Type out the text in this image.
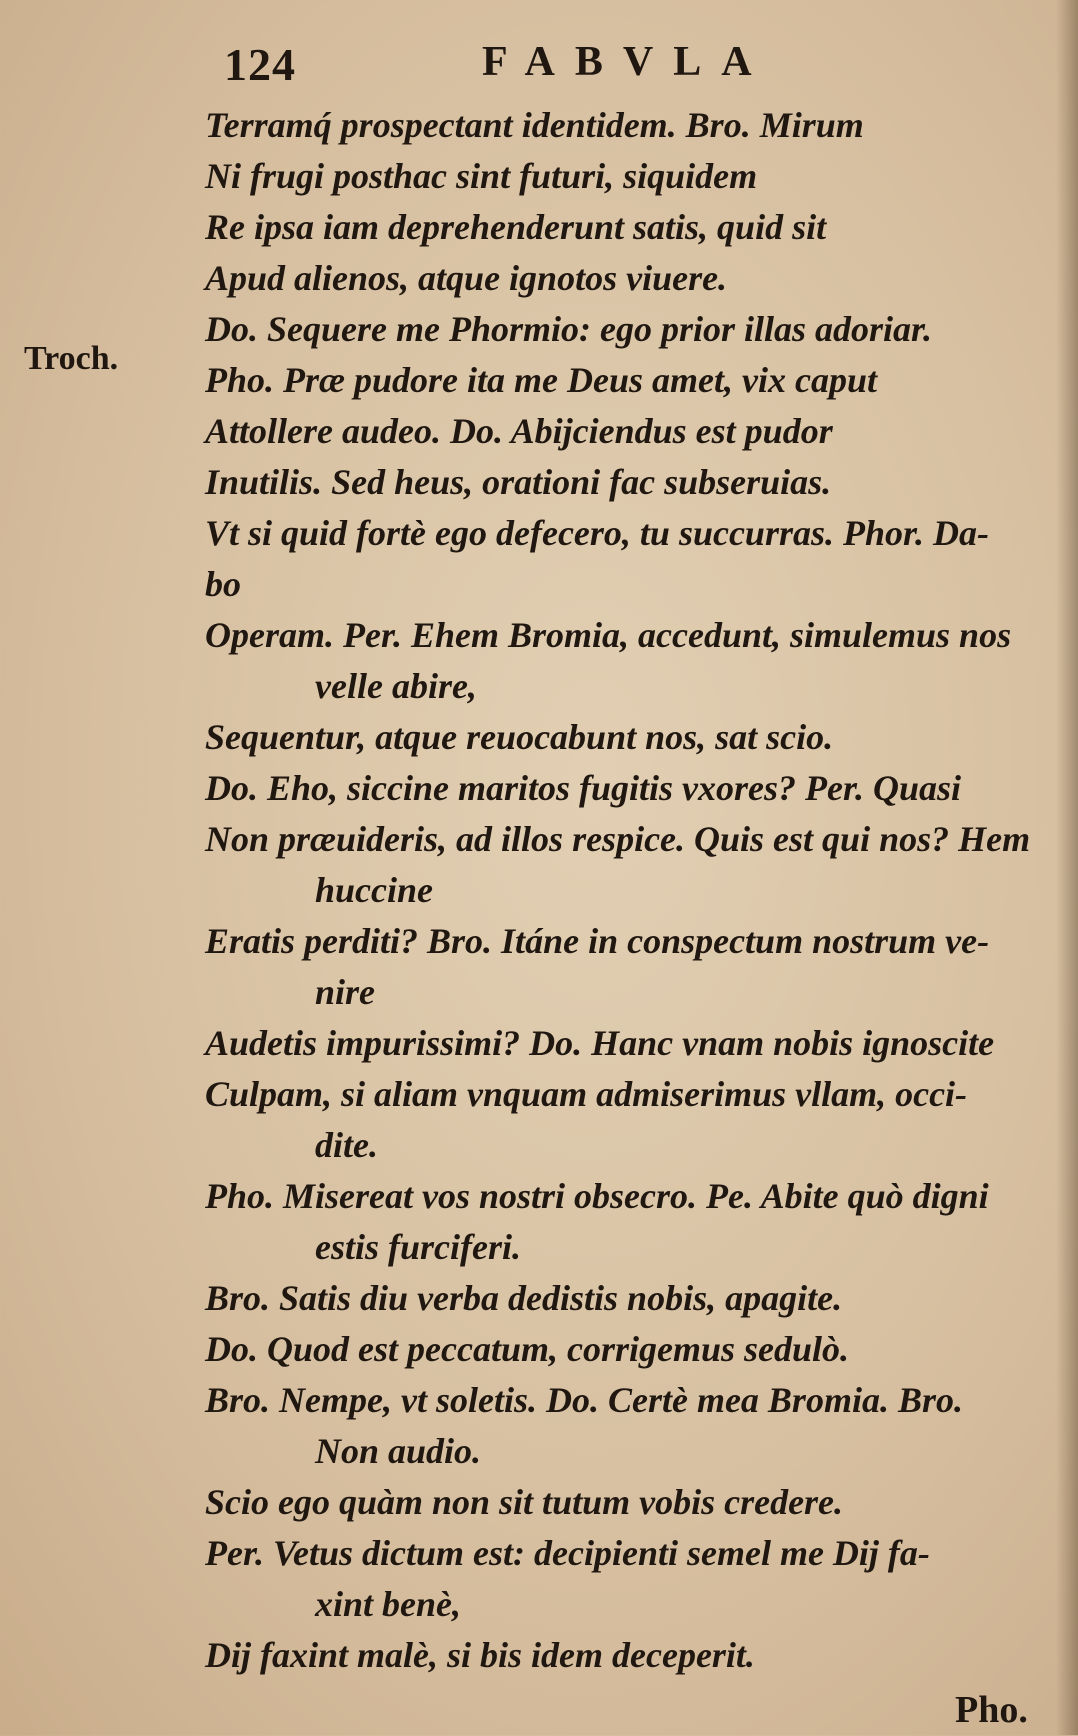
124	FABVLA
Troch.
Terramq́ prospectant identidem. Bro. Mirum
Ni frugi posthac sint futuri, siquidem
Re ipsa iam deprehenderunt satis, quid sit
Apud alienos, atque ignotos viuere.
Do. Sequere me Phormio: ego prior illas adoriar.
Pho. Præ pudore ita me Deus amet, vix caput
Attollere audeo. Do. Abijciendus est pudor
Inutilis. Sed heus, orationi fac subseruias.
Vt si quid fortè ego defecero, tu succurras. Phor. Da-
bo
Operam. Per. Ehem Bromia, accedunt, simulemus nos
velle abire,
Sequentur, atque reuocabunt nos, sat scio.
Do. Eho, siccine maritos fugitis vxores? Per. Quasi
Non præuideris, ad illos respice. Quis est qui nos? Hem
huccine
Eratis perditi? Bro. Itáne in conspectum nostrum ve-
nire
Audetis impurissimi? Do. Hanc vnam nobis ignoscite
Culpam, si aliam vnquam admiserimus vllam, occi-
dite.
Pho. Misereat vos nostri obsecro. Pe. Abite quò digni
estis furciferi.
Bro. Satis diu verba dedistis nobis, apagite.
Do. Quod est peccatum, corrigemus sedulò.
Bro. Nempe, vt soletis. Do. Certè mea Bromia. Bro.
Non audio.
Scio ego quàm non sit tutum vobis credere.
Per. Vetus dictum est: decipienti semel me Dij fa-
xint benè,
Dij faxint malè, si bis idem deceperit.
Pho.
